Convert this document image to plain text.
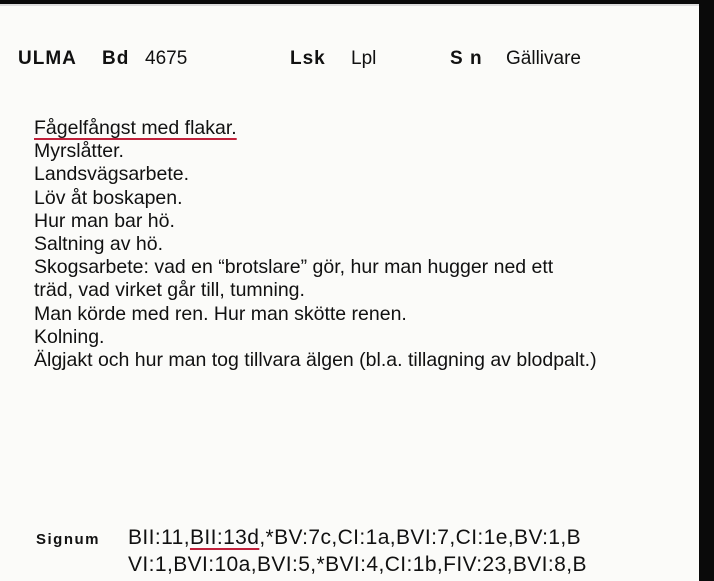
ULMA Bd 4675	Lsk Lpl	S n Gällivare
Fågelfångst med flakar.
Myrslåtter.
Landsvägsarbete.
Löv åt boskapen.
Hur man bar hö.
Saltning av hö.
Skogsarbete: vad en “brotslare” gör, hur man hugger ned ett
träd, vad virket går till, tumning.
Man körde med ren. Hur man skötte renen.
Kolning.
Älgjakt och hur man tog tillvara älgen (bl.a. tillagning av blodpalt.)
Signum BII:11,BII:13d,*BV:7c,CI:1a,BVI:7,CI:1e,BV:1,B
VI:1,BVI:10a,BVI:5,*BVI:4,CI:1b,FIV:23,BVI:8,B
